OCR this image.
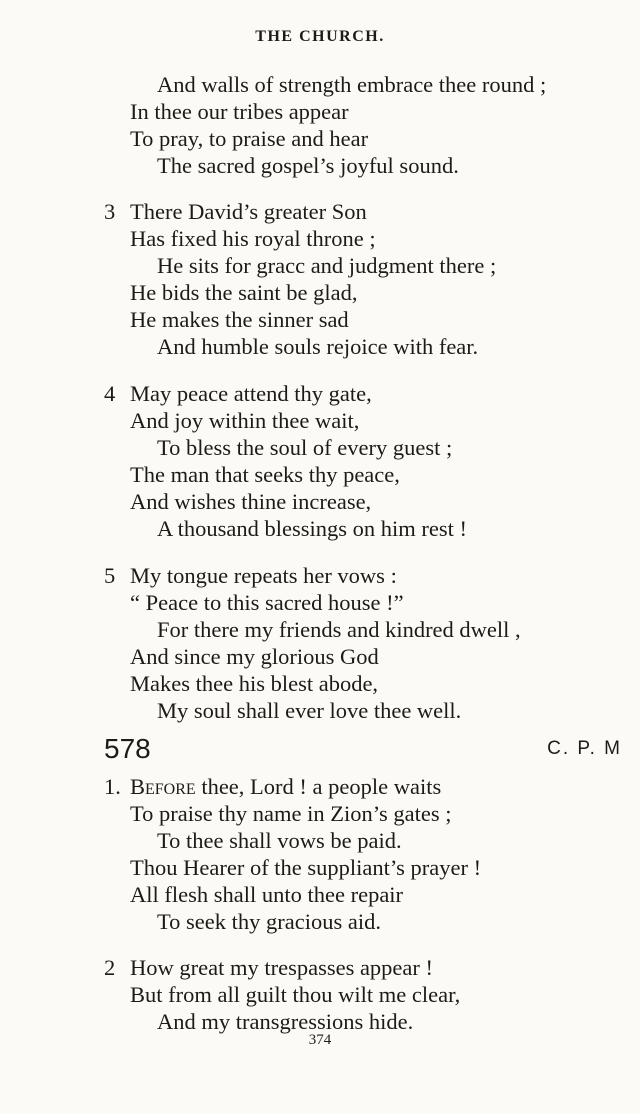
THE CHURCH.
And walls of strength embrace thee round ;
In thee our tribes appear
To pray, to praise and hear
The sacred gospel’s joyful sound.
3 There David’s greater Son
Has fixed his royal throne ;
He sits for gracc and judgment there ;
He bids the saint be glad,
He makes the sinner sad
And humble souls rejoice with fear.
4 May peace attend thy gate,
And joy within thee wait,
To bless the soul of every guest ;
The man that seeks thy peace,
And wishes thine increase,
A thousand blessings on him rest !
5 My tongue repeats her vows :
“ Peace to this sacred house !”
For there my friends and kindred dwell ,
And since my glorious God
Makes thee his blest abode,
My soul shall ever love thee well.
578	C. P. M
1. Before thee, Lord ! a people waits
To praise thy name in Zion’s gates ;
To thee shall vows be paid.
Thou Hearer of the suppliant’s prayer !
All flesh shall unto thee repair
To seek thy gracious aid.
2 How great my trespasses appear !
But from all guilt thou wilt me clear,
And my transgressions hide.
374
